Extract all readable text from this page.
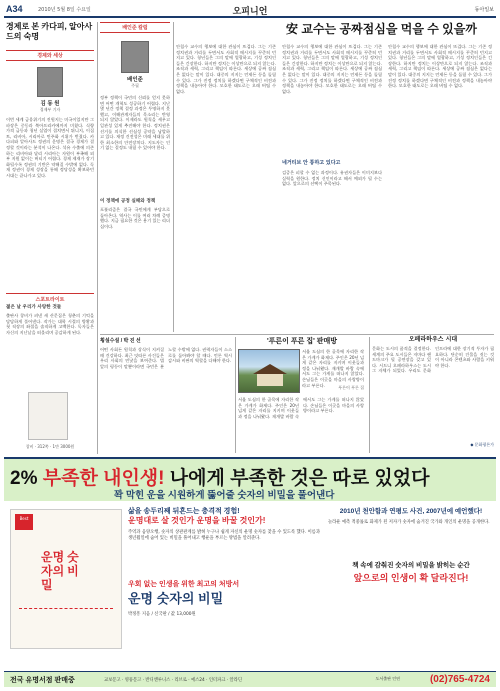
A34	2010년 5월 8일 수요일	오피니언	동아일보
경제로 본 카다피, 알아사드의 숙명
경제와 세상
김 동 원
경제부 기자
이번 세계 금융위기의 진원지는 미국이었지만 그 파장은 중동과 북아프리카에까지 미쳤다. 식량 가격 급등과 청년 실업이 겹치면서 튀니지, 이집트, 리비아, 시리아로 민주화 시위가 번졌다. 카다피와 알아사드 정권의 운명은 결국 경제가 결정할 것이라는 분석이 나온다. 석유 수출에 의존하는 리비아와 달리 시리아는 자원이 부족해 외부 지원 없이는 버티기 어렵다. 경제 제재가 장기화될수록 정권의 기반은 약해질 수밖에 없다. 독재 정권이 경제 성장을 통해 정당성을 확보하던 시대는 끝나가고 있다.
스포트라이트
젊은 날 우리가 사랑한 것들
출판사 창비가 펴낸 새 산문집은 청춘의 기억을 담담하게 풀어낸다. 작가는 대학 시절의 방황과 첫 직장의 좌절을 솔직하게 고백한다. 독자들은 자신의 지난날을 떠올리며 공감하게 된다.
창비 · 312쪽 · 1만 3000원
배인준 칼럼
배인준
주필
정부 정책이 국민의 신뢰를 얻지 못하면 어떤 개혁도 성공하기 어렵다. 지난 몇 년간 정책 결정 과정은 투명하지 못했고, 이해관계자들의 목소리는 반영되지 않았다. 이제라도 원칙을 세우고 일관성 있게 추진해야 한다. 정치권은 선거를 의식한 선심성 공약을 남발하고 있다. 재정 건전성은 미래 세대를 위한 최소한의 안전장치다. 지도자는 인기 없는 결정도 내릴 수 있어야 한다.
이 정책에 공정 실패와 정책
포퓰리즘은 결국 국민에게 부담으로 돌아온다. 역사는 이를 여러 차례 증명했다. 지금 필요한 것은 용기 있는 리더십이다.
安 교수는 공짜점심을 먹을 수 있을까
안철수 교수의 행보에 대한 관심이 뜨겁다. 그는 기존 정치권과 거리를 두면서도 사회적 메시지를 꾸준히 던지고 있다. 청년들은 그의 말에 열광하고, 기성 정치인들은 긴장한다. 하지만 정치는 이상만으로 되지 않는다. 조직과 세력, 그리고 책임이 따른다. 세상에 공짜 점심은 없다는 말이 있다. 대중의 지지는 언제든 등을 돌릴 수 있다. 그가 진정 정치를 하겠다면 구체적인 비전과 정책을 내놓아야 한다. 모호한 태도로는 오래 버틸 수 없다.
안철수 교수의 행보에 대한 관심이 뜨겁다. 그는 기존 정치권과 거리를 두면서도 사회적 메시지를 꾸준히 던지고 있다. 청년들은 그의 말에 열광하고, 기성 정치인들은 긴장한다. 하지만 정치는 이상만으로 되지 않는다. 조직과 세력, 그리고 책임이 따른다. 세상에 공짜 점심은 없다는 말이 있다. 대중의 지지는 언제든 등을 돌릴 수 있다. 그가 진정 정치를 하겠다면 구체적인 비전과 정책을 내놓아야 한다. 모호한 태도로는 오래 버틸 수 없다.
네거티브 안 통하고 있다고
검증은 피할 수 없는 과정이다. 유권자들은 이미지보다 실력을 원한다. 정치 신인이라고 해서 예외가 될 수는 없다. 앞으로의 선택이 주목된다.
안철수 교수의 행보에 대한 관심이 뜨겁다. 그는 기존 정치권과 거리를 두면서도 사회적 메시지를 꾸준히 던지고 있다. 청년들은 그의 말에 열광하고, 기성 정치인들은 긴장한다. 하지만 정치는 이상만으로 되지 않는다. 조직과 세력, 그리고 책임이 따른다. 세상에 공짜 점심은 없다는 말이 있다. 대중의 지지는 언제든 등을 돌릴 수 있다. 그가 진정 정치를 하겠다면 구체적인 비전과 정책을 내놓아야 한다. 모호한 태도로는 오래 버틸 수 없다.
횡설수설 / 박 진 선
어떤 사회든 원칙과 상식이 지켜질 때 건강하다. 최근 잇따른 사건들은 우리 사회의 민낯을 보여준다. 법 앞의 평등이 말뿐이라면 국민은 분노할 수밖에 없다. 권력자들이 스스로를 돌아봐야 할 때다. 언론 역시 감시와 비판의 역할을 다해야 한다.
'푸른이 푸른 집' 판매방
푸른이 푸른 집
서울 도심의 한 골목에 자리한 작은 가게가 화제다. 주인은 20년 넘게 같은 자리를 지키며 이웃들과 정을 나눠왔다. 재개발 바람 속에서도 그는 가게를 떠나지 않았다. 손님들은 이곳을 마을의 사랑방이라고 부른다.
서울 도심의 한 골목에 자리한 작은 가게가 화제다. 주인은 20년 넘게 같은 자리를 지키며 이웃들과 정을 나눠왔다. 재개발 바람 속에서도 그는 가게를 떠나지 않았다. 손님들은 이곳을 마을의 사랑방이라고 부른다.
오페라하우스 시대
문화는 도시의 품격을 결정한다. 세계의 주요 도시들은 저마다 랜드마크가 될 공연장을 갖고 있다. 시드니 오페라하우스는 도시 그 자체가 되었다. 우리도 문화 인프라에 대한 장기적 투자가 필요하다. 단순히 건물을 짓는 것이 아니라 콘텐츠와 사람을 키워야 한다.
◆ 문화평론가
2% 부족한 내인생! 나에게 부족한 것은 따로 있었다
꽉 막힌 운을 시원하게 뚫어줄 숫자의 비밀을 풀어낸다
Best
운명 숫자의 비밀
삶을 송두리째 뒤흔드는 충격적 경험!
운명대로 살 것인가 운명을 바꿀 것인가!
주역과 음양오행, 숫자의 상관관계를 밝혀 누구나 쉽게 자신의 운명 숫자를 찾을 수 있도록 했다. 이름과 생년월일에 숨어 있는 비밀을 풀어내고 행운을 부르는 방법을 알려준다.
우회 없는 인생을 위한 최고의 처방서
운명 숫자의 비밀
박정흥 지음 / 신국판 / 값 13,000원
2010년 천안함과 연평도 사건, 2007년에 예언했다!
놀라운 예측 적중률로 화제가 된 저자가 숫자에 숨겨진 국가와 개인의 운명을 공개한다.
책 속에 감춰진 숫자의 비밀을 밝히는 순간
앞으로의 인생이 확 달라진다!
전국 유명서점 판매중	교보문고 · 영풍문고 · 반디앤루니스 · 리브로 · 예스24 · 인터파크 · 알라딘	도서출판 인연	(02)765-4724
